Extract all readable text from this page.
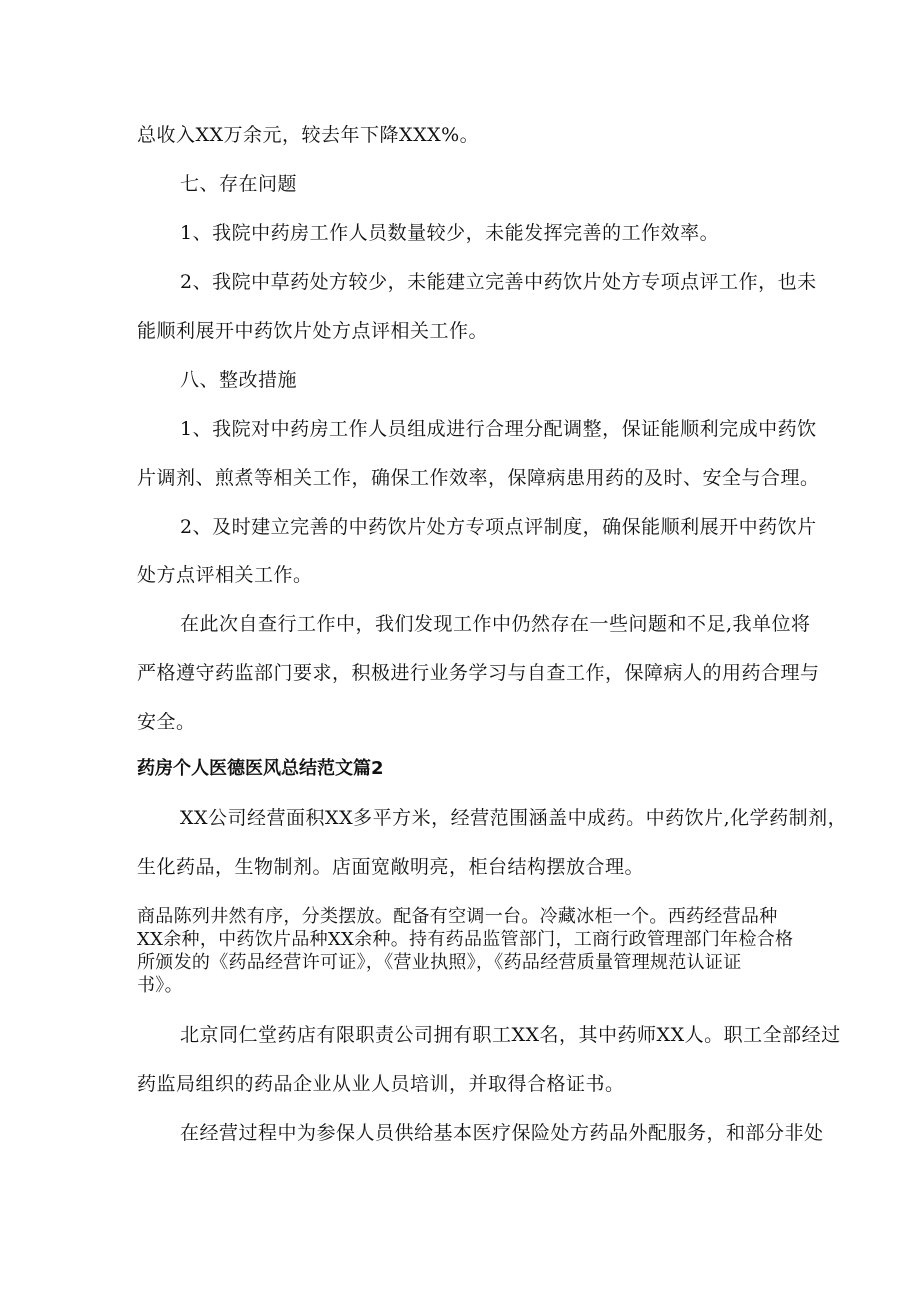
总收入XX万余元，较去年下降XXX%。
七、存在问题
1、我院中药房工作人员数量较少，未能发挥完善的工作效率。
2、我院中草药处方较少，未能建立完善中药饮片处方专项点评工作，也未
能顺利展开中药饮片处方点评相关工作。
八、整改措施
1、我院对中药房工作人员组成进行合理分配调整，保证能顺利完成中药饮
片调剂、煎煮等相关工作，确保工作效率，保障病患用药的及时、安全与合理。
2、及时建立完善的中药饮片处方专项点评制度，确保能顺利展开中药饮片
处方点评相关工作。
在此次自查行工作中，我们发现工作中仍然存在一些问题和不足,我单位将
严格遵守药监部门要求，积极进行业务学习与自查工作，保障病人的用药合理与
安全。
药房个人医德医风总结范文篇2
XX公司经营面积XX多平方米，经营范围涵盖中成药。中药饮片,化学药制剂，
生化药品，生物制剂。店面宽敞明亮，柜台结构摆放合理。
商品陈列井然有序，分类摆放。配备有空调一台。冷藏冰柜一个。西药经营品种
XX余种，中药饮片品种XX余种。持有药品监管部门，工商行政管理部门年检合格
所颁发的《药品经营许可证》，《营业执照》，《药品经营质量管理规范认证证
书》。
北京同仁堂药店有限职责公司拥有职工XX名，其中药师XX人。职工全部经过
药监局组织的药品企业从业人员培训，并取得合格证书。
在经营过程中为参保人员供给基本医疗保险处方药品外配服务，和部分非处
